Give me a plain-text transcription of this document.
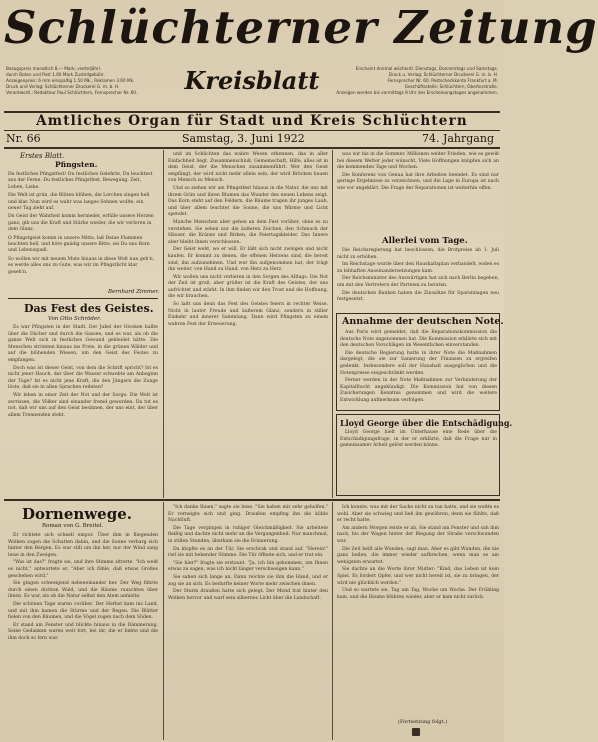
Schlüchterner Zeitung

Bezugspreis monatlich 8.— Mark, vierteljährl.

durch Boten und Post 1.60 Mark Zustellgebühr.

Anzeigenpreis: 6 mm einspaltig 1.50 Mk., Reklamen 3.60 Mk.

Druck und Verlag: Schlüchterner Druckerei G. m. b. H.

Verantwortl.: Redakteur Paul Schlüchtern, Fernsprecher Nr. 60.	Kreisblatt	Erscheint dreimal wöchentl. Dienstags, Donnerstags und Samstags.

Druck u. Verlag: Schlüchterner Druckerei G. m. b. H.

Fernsprecher Nr. 60. Postscheckkonto Frankfurt a. M.

Geschäftsstelle: Schlüchtern, Obertorstraße.

Anzeigen werden bis vormittags 9 Uhr des Erscheinungstages angenommen.

Amtliches Organ für Stadt und Kreis Schlüchtern
Nr. 66	Samstag, 3. Juni 1922	74. Jahrgang
Erstes Blatt.
Pfingsten.

Du festliches Pfingstfest! Du festliches Gelehrte, Du leuchtest aus der Ferne. Du festliches Pfingstfest, Bewegung, Zeit, Leben, Liebe.

Die Welt ist grün, die Blüten blühen, die Lerchen singen hell und klar. Nun wird es wahr was langes Sehnen wollte, ein neuer Tag zieht auf.

Du Geist der Wahrheit komm hernieder, erfülle unsere Herzen ganz; gib uns die Kraft und Stärke wieder, die wir verloren in dem Glanz.

O Pfingstgeist komm in unsere Mitte, laß Deine Flammen leuchten hell, und höre gnädig unsere Bitte, sei Du uns Born und Lebensquell.

So wollen wir mit neuem Mute hinaus in diese Welt nun geh'n, es werde alles uns zu Gute, was wir im Pfingstlicht klar geseh'n.

Bernhard Zimmer.
Das Fest des Geistes.
Von Otto Schröder.

Es war Pfingsten in der Stadt. Der Jubel der Glocken hallte über die Dächer und durch die Gassen, und es war, als ob die ganze Welt sich in festliches Gewand gekleidet hätte. Die Menschen strömten hinaus ins Freie, in die grünen Wälder und auf die blühenden Wiesen, um den Geist des Festes zu empfangen.

Doch was ist dieser Geist, von dem die Schrift spricht? Ist es nicht jener Hauch, der über die Wasser schwebte am Anbeginn der Tage? Ist es nicht jene Kraft, die den Jüngern die Zunge löste, daß sie in allen Sprachen redeten?

Wir leben in einer Zeit der Not und der Sorge. Die Welt ist zerrissen, die Völker sind einander fremd geworden. Da tut es not, daß wir uns auf den Geist besinnen, der uns eint, der über allem Trennenden steht.

und im Schlichten das wahre Wesen erkennen, das in aller Einfachheit liegt. Zusammenschluß, Gemeinschaft, Hilfe, alles ist in dem Geist, der die Menschen zusammenführt. Wer den Geist empfängt, der wird nicht mehr allein sein, der wird Brücken bauen von Mensch zu Mensch.

Und so ziehen wir am Pfingstfest hinaus in die Natur, die uns mit ihrem Grün und ihren Blumen das Wunder des neuen Lebens zeigt. Das Korn steht auf den Feldern, die Bäume tragen ihr junges Laub, und über allem leuchtet die Sonne, die uns Wärme und Licht spendet.

Manche Menschen aber gehen an dem Fest vorüber, ohne es zu verstehen. Sie sehen nur die äußeren Zeichen, den Schmuck der Häuser, die Kränze und Birken, die Feiertagskleider. Das Innere aber bleibt ihnen verschlossen.

Der Geist weht, wo er will. Er läßt sich nicht zwingen und nicht kaufen. Er kommt zu denen, die offenen Herzens sind, die bereit sind, ihn aufzunehmen. Und wer ihn aufgenommen hat, der trägt ihn weiter, von Hand zu Hand, von Herz zu Herz.

Wir wollen uns nicht verlieren in den Sorgen des Alltags. Die Not der Zeit ist groß, aber größer ist die Kraft des Geistes, der uns aufrichtet und stärkt. In ihm finden wir den Trost und die Hoffnung, die wir brauchen.

So laßt uns denn das Fest des Geistes feiern in rechter Weise. Nicht in lauter Freude und äußerem Glanz, sondern in stiller Einkehr und innerer Sammlung. Dann wird Pfingsten zu einem wahren Fest der Erneuerung.

was wir bis in die Sommer. Millionen weiter Frieden, wie es gewiß bei diesem Wetter jeder wünscht. Viele Hoffnungen knüpfen sich an die kommenden Tage und Wochen.

Die Konferenz von Genua hat ihre Arbeiten beendet. Es sind nur geringe Ergebnisse zu verzeichnen, und die Lage in Europa ist nach wie vor ungeklärt. Die Frage der Reparationen ist weiterhin offen.

Allerlei vom Tage.

Die Reichsregierung hat beschlossen, die Brotpreise ab 1. Juli nicht zu erhöhen.

Im Reichstage wurde über den Haushaltsplan verhandelt, wobei es zu lebhaften Auseinandersetzungen kam.

Der Reichsminister des Auswärtigen hat sich nach Berlin begeben, um mit den Vertretern der Parteien zu beraten.

Die deutschen Banken haben die Zinssätze für Spareinlagen neu festgesetzt.

Annahme der deutschen Note.

Aus Paris wird gemeldet, daß die Reparationskommission die deutsche Note angenommen hat. Die Kommission erklärte sich mit den deutschen Vorschlägen im Wesentlichen einverstanden.

Die deutsche Regierung hatte in ihrer Note die Maßnahmen dargelegt, die sie zur Sanierung der Finanzen zu ergreifen gedenkt. Insbesondere soll der Haushalt ausgeglichen und die Notenpresse eingeschränkt werden.

Ferner werden in der Note Maßnahmen zur Verhinderung der Kapitalflucht angekündigt. Die Kommission hat von diesen Zusicherungen Kenntnis genommen und wird die weitere Entwicklung aufmerksam verfolgen.

Lloyd George über die Entschädigung.

Lloyd George hielt im Unterhause eine Rede über die Entschädigungsfrage, in der er erklärte, daß die Frage nur in gemeinsamer Arbeit gelöst werden könne.

Dornenwege.
Roman von G. Breitel.

Er richtete sich schnell empor. Über ihm in fliegenden Wolken zogen die Schatten dahin, und die Sonne verbarg sich hinter den Bergen. Es war still um ihn her, nur der Wind sang leise in den Zweigen.

"Was ist das?" fragte sie, und ihre Stimme zitterte. "Ich weiß es nicht," antwortete er. "Aber ich fühle, daß etwas Großes geschehen wird."

Sie gingen schweigend nebeneinander her. Der Weg führte durch einen dichten Wald, und die Bäume rauschten über ihnen. Es war, als ob die Natur selbst den Atem anhielte.

Die schönen Tage waren vorüber. Der Herbst kam ins Land, und mit ihm kamen die Stürme und der Regen. Die Blätter fielen von den Bäumen, und die Vögel zogen nach dem Süden.

Er stand am Fenster und blickte hinaus in die Dämmerung. Seine Gedanken waren weit fort, bei ihr, die er liebte und die ihm doch so fern war.

"Ich danke Ihnen," sagte sie leise. "Sie haben mir sehr geholfen." Er verneigte sich und ging. Draußen empfing ihn die kühle Nachtluft.

Die Tage vergingen in ruhiger Gleichmäßigkeit. Sie arbeitete fleißig und dachte nicht mehr an die Vergangenheit. Nur manchmal, in stillen Stunden, überkam sie die Erinnerung.

Da klopfte es an der Tür. Sie erschrak und stand auf. "Herein!" rief sie mit bebender Stimme. Die Tür öffnete sich, und er trat ein.

"Sie hier?" fragte sie erstaunt. "Ja, ich bin gekommen, um Ihnen etwas zu sagen, was ich nicht länger verschweigen kann."

Sie sahen sich lange an. Dann reichte sie ihm die Hand, und er zog sie an sich. Es bedurfte keiner Worte mehr zwischen ihnen.

Der Sturm draußen hatte sich gelegt. Der Mond trat hinter den Wolken hervor und warf sein silbernes Licht über die Landschaft.

Ich konnte, was mit der Sache nicht zu tun hatte, und sie wußte es wohl. Aber sie schwieg und ließ ihn gewähren, denn sie fühlte, daß er recht hatte.

Am andern Morgen reiste er ab. Sie stand am Fenster und sah ihm nach, bis der Wagen hinter der Biegung der Straße verschwunden war.

Die Zeit heilt alle Wunden, sagt man. Aber es gibt Wunden, die nie ganz heilen, die immer wieder aufbrechen, wenn man es am wenigsten erwartet.

Sie dachte an die Worte ihrer Mutter: "Kind, das Leben ist kein Spiel. Es fordert Opfer, und wer nicht bereit ist, sie zu bringen, der wird nie glücklich werden."

Und so wartete sie, Tag um Tag, Woche um Woche. Der Frühling kam, und die Bäume blühten wieder, aber er kam nicht zurück.

(Fortsetzung folgt.)
